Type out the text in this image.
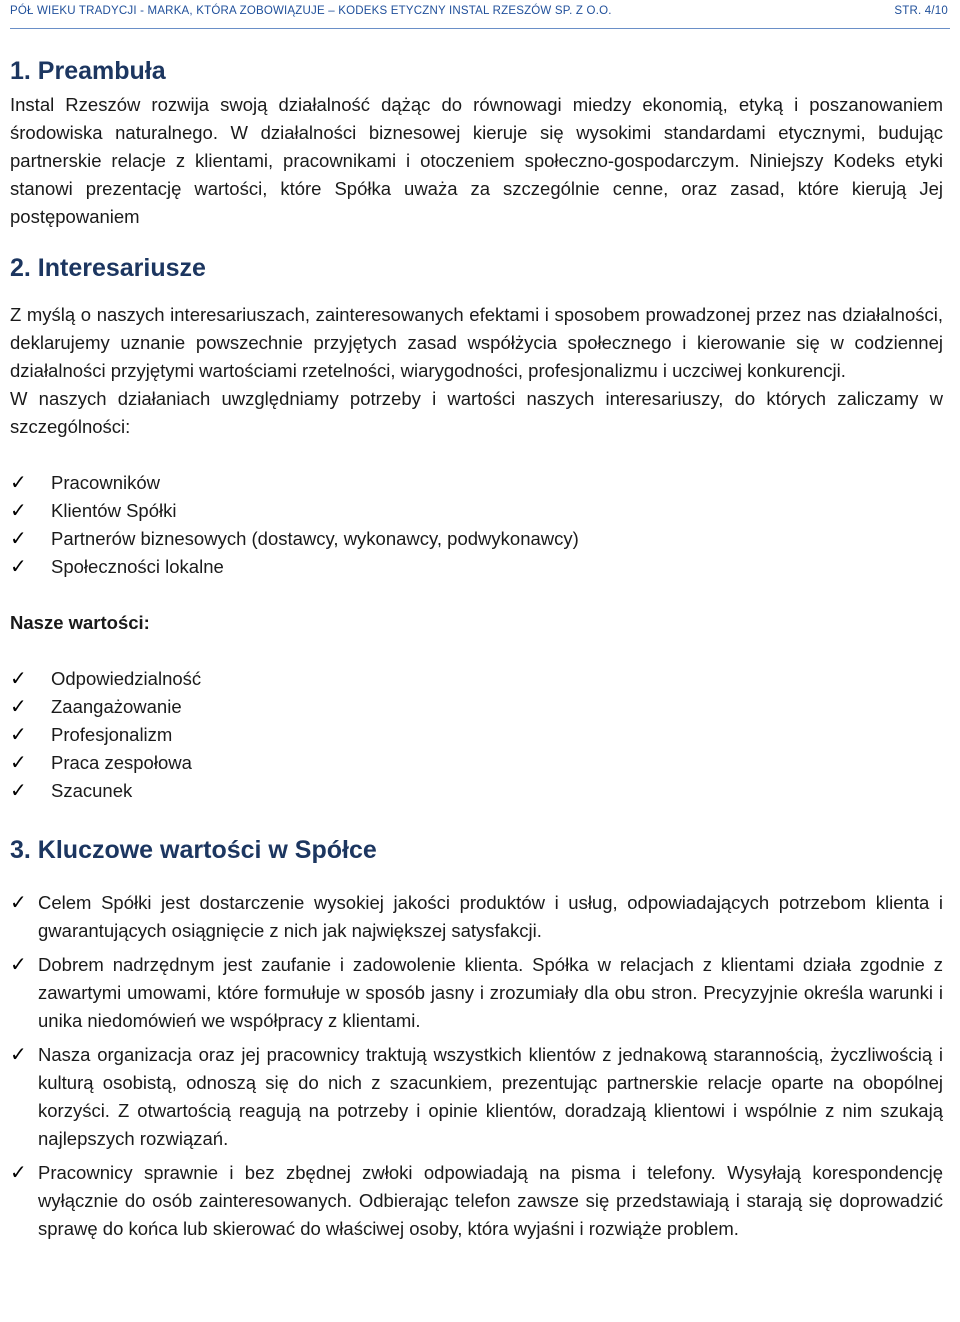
PÓŁ WIEKU TRADYCJI - MARKA, KTÓRA ZOBOWIĄZUJE – KODEKS ETYCZNY INSTAL RZESZÓW SP. Z O.O.	STR. 4/10
1. Preambuła

Instal Rzeszów rozwija swoją działalność dążąc do równowagi miedzy ekonomią, etyką i poszanowaniem środowiska naturalnego. W działalności biznesowej kieruje się wysokimi standardami etycznymi, budując partnerskie relacje z klientami, pracownikami i otoczeniem społeczno-gospodarczym. Niniejszy Kodeks etyki stanowi prezentację wartości, które Spółka uważa za szczególnie cenne, oraz zasad, które kierują Jej postępowaniem

2. Interesariusze

Z myślą o naszych interesariuszach, zainteresowanych efektami i sposobem prowadzonej przez nas działalności, deklarujemy uznanie powszechnie przyjętych zasad współżycia społecznego i kierowanie się w codziennej działalności przyjętymi wartościami rzetelności, wiarygodności, profesjonalizmu i uczciwej konkurencji.

W naszych działaniach uwzględniamy potrzeby i wartości naszych interesariuszy, do których zaliczamy w szczególności:

✓ Pracowników
✓ Klientów Spółki
✓ Partnerów biznesowych (dostawcy, wykonawcy, podwykonawcy)
✓ Społeczności lokalne

Nasze wartości:

✓ Odpowiedzialność
✓ Zaangażowanie
✓ Profesjonalizm
✓ Praca zespołowa
✓ Szacunek
3. Kluczowe wartości w Spółce
✓ Celem Spółki jest dostarczenie wysokiej jakości produktów i usług, odpowiadających potrzebom klienta i gwarantujących osiągnięcie z nich jak największej satysfakcji.
✓ Dobrem nadrzędnym jest zaufanie i zadowolenie klienta. Spółka w relacjach z klientami działa zgodnie z zawartymi umowami, które formułuje w sposób jasny i zrozumiały dla obu stron. Precyzyjnie określa warunki i unika niedomówień we współpracy z klientami.
✓ Nasza organizacja oraz jej pracownicy traktują wszystkich klientów z jednakową starannością, życzliwością i kulturą osobistą, odnoszą się do nich z szacunkiem, prezentując partnerskie relacje oparte na obopólnej korzyści. Z otwartością reagują na potrzeby i opinie klientów, doradzają klientowi i wspólnie z nim szukają najlepszych rozwiązań.
✓ Pracownicy sprawnie i bez zbędnej zwłoki odpowiadają na pisma i telefony. Wysyłają korespondencję wyłącznie do osób zainteresowanych. Odbierając telefon zawsze się przedstawiają i starają się doprowadzić sprawę do końca lub skierować do właściwej osoby, która wyjaśni i rozwiąże problem.
